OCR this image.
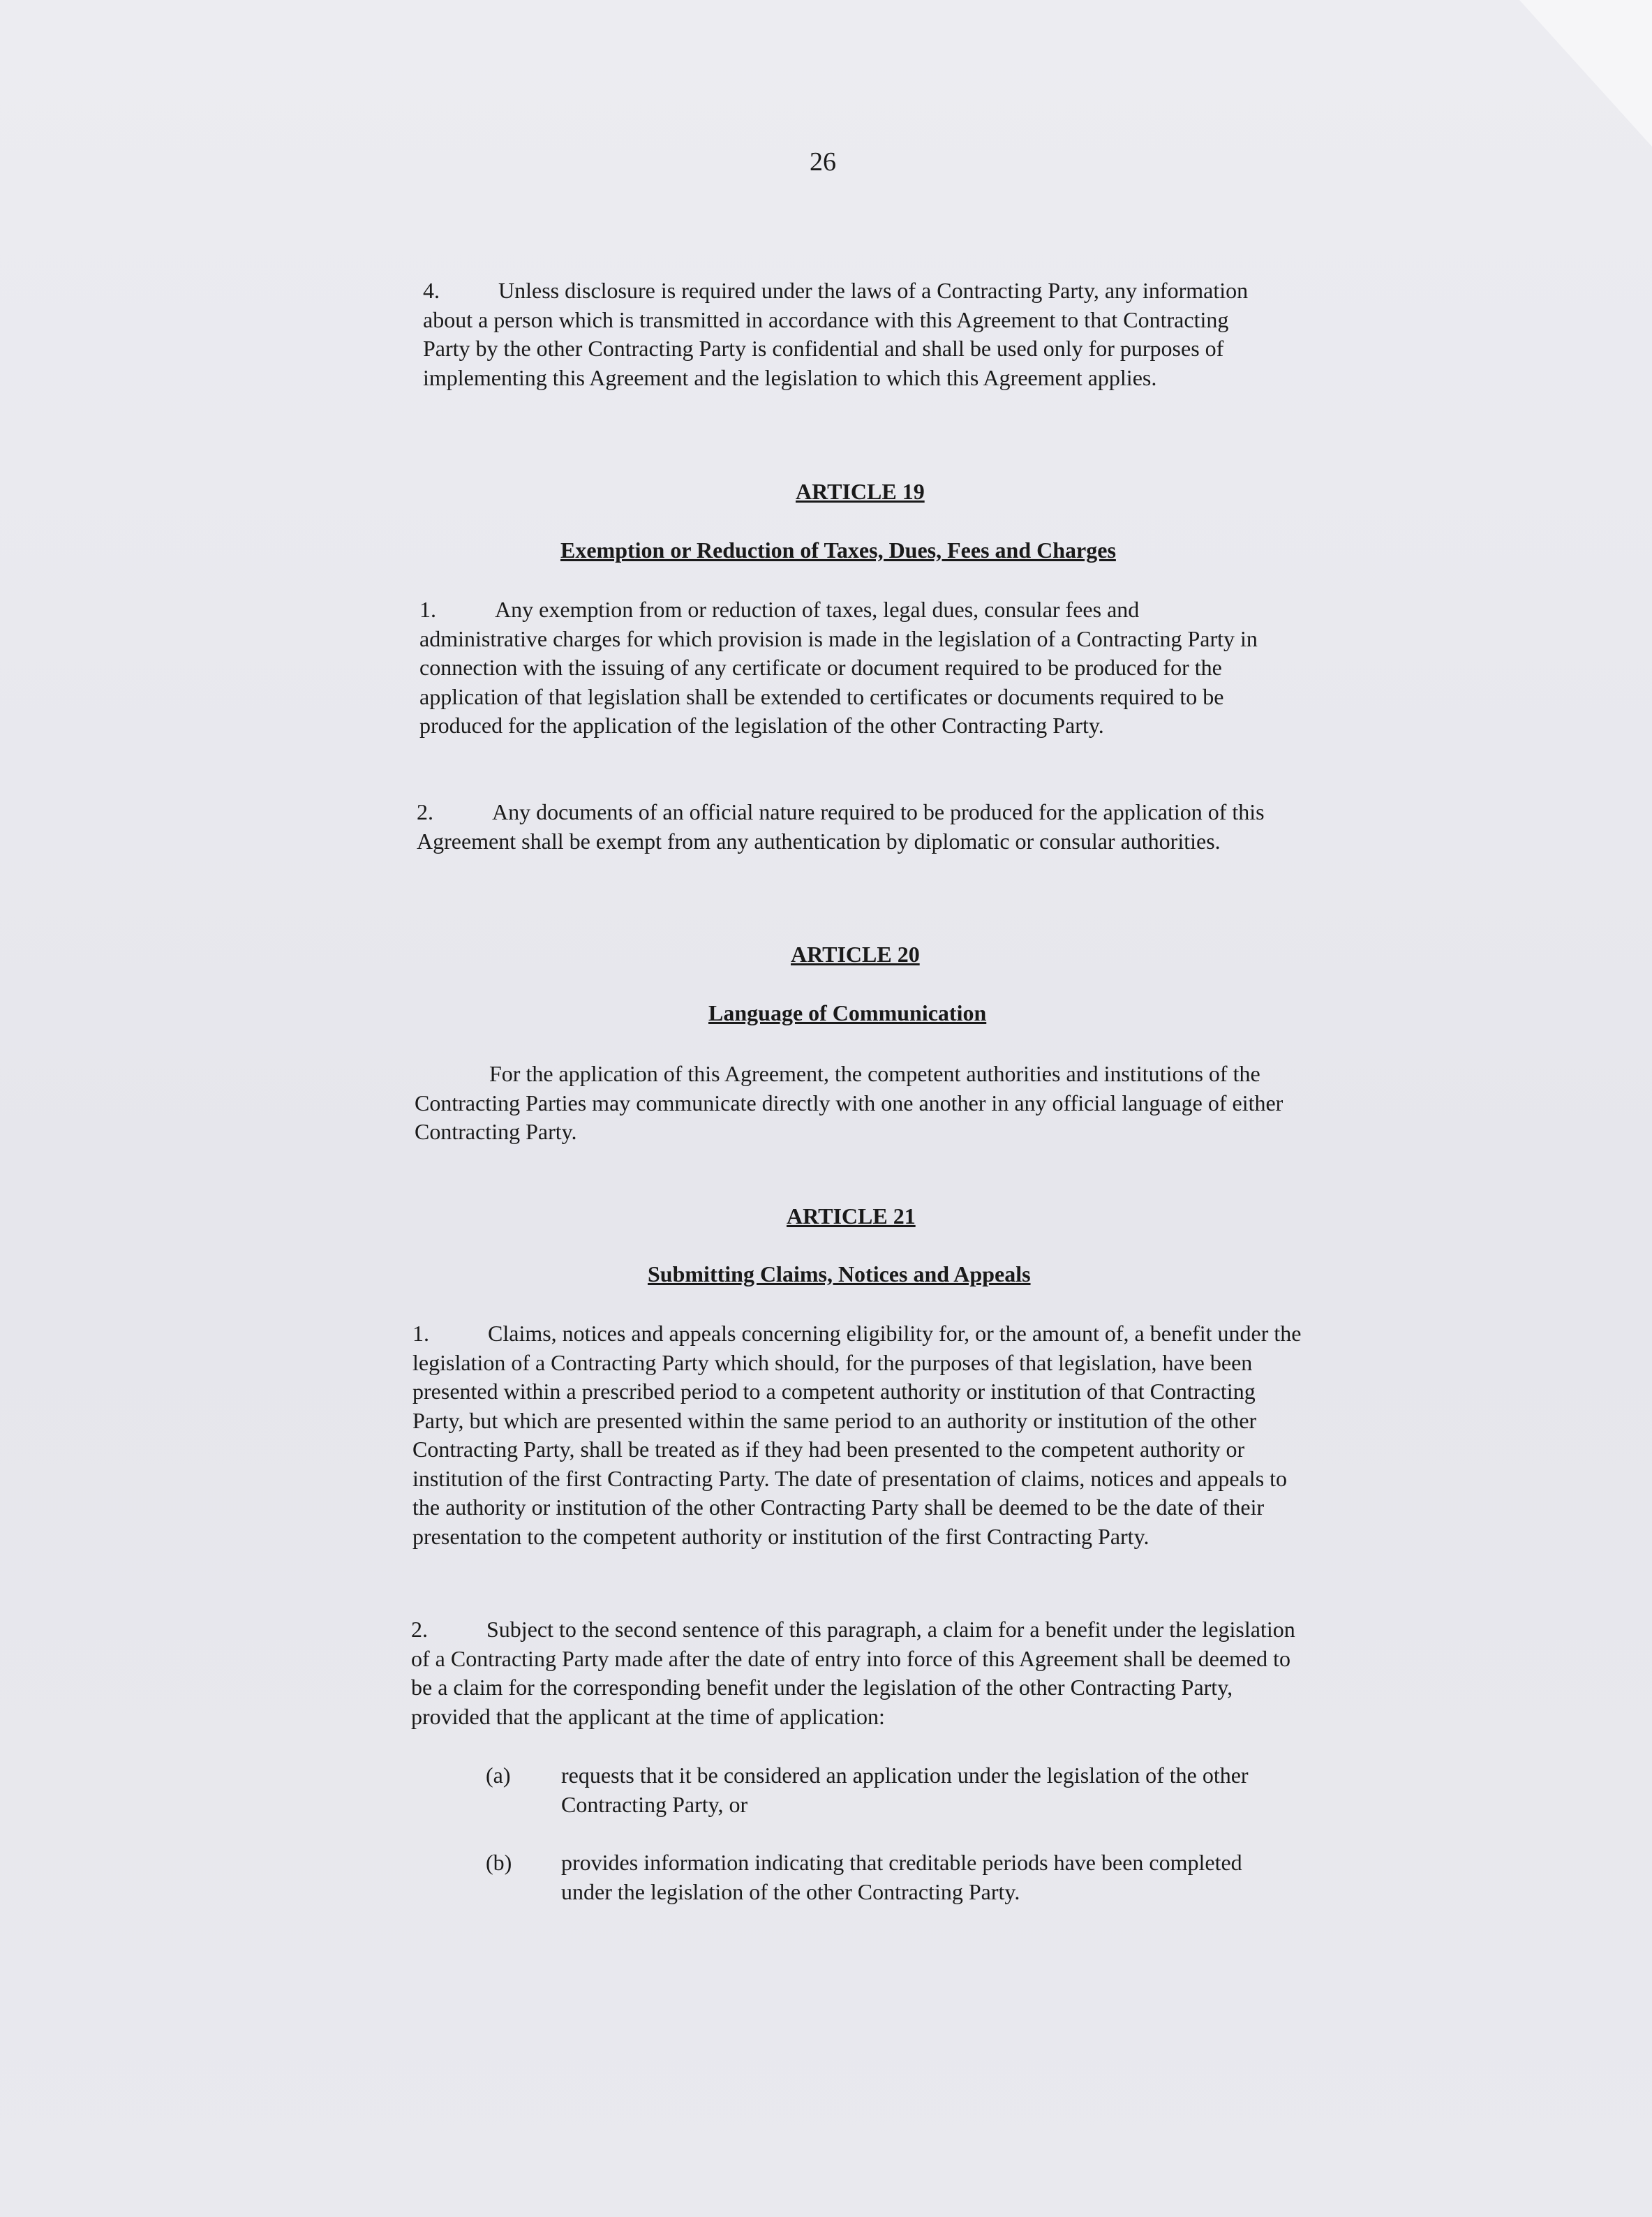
26

4.	Unless disclosure is required under the laws of a Contracting Party, any information about a person which is transmitted in accordance with this Agreement to that Contracting Party by the other Contracting Party is confidential and shall be used only for purposes of implementing this Agreement and the legislation to which this Agreement applies.

ARTICLE 19
Exemption or Reduction of Taxes, Dues, Fees and Charges

1.	Any exemption from or reduction of taxes, legal dues, consular fees and administrative charges for which provision is made in the legislation of a Contracting Party in connection with the issuing of any certificate or document required to be produced for the application of that legislation shall be extended to certificates or documents required to be produced for the application of the legislation of the other Contracting Party.

2.	Any documents of an official nature required to be produced for the application of this Agreement shall be exempt from any authentication by diplomatic or consular authorities.

ARTICLE 20
Language of Communication

For the application of this Agreement, the competent authorities and institutions of the Contracting Parties may communicate directly with one another in any official language of either Contracting Party.

ARTICLE 21
Submitting Claims, Notices and Appeals

1.	Claims, notices and appeals concerning eligibility for, or the amount of, a benefit under the legislation of a Contracting Party which should, for the purposes of that legislation, have been presented within a prescribed period to a competent authority or institution of that Contracting Party, but which are presented within the same period to an authority or institution of the other Contracting Party, shall be treated as if they had been presented to the competent authority or institution of the first Contracting Party. The date of presentation of claims, notices and appeals to the authority or institution of the other Contracting Party shall be deemed to be the date of their presentation to the competent authority or institution of the first Contracting Party.

2.	Subject to the second sentence of this paragraph, a claim for a benefit under the legislation of a Contracting Party made after the date of entry into force of this Agreement shall be deemed to be a claim for the corresponding benefit under the legislation of the other Contracting Party, provided that the applicant at the time of application:

(a) requests that it be considered an application under the legislation of the other Contracting Party, or
(b) provides information indicating that creditable periods have been completed under the legislation of the other Contracting Party.
